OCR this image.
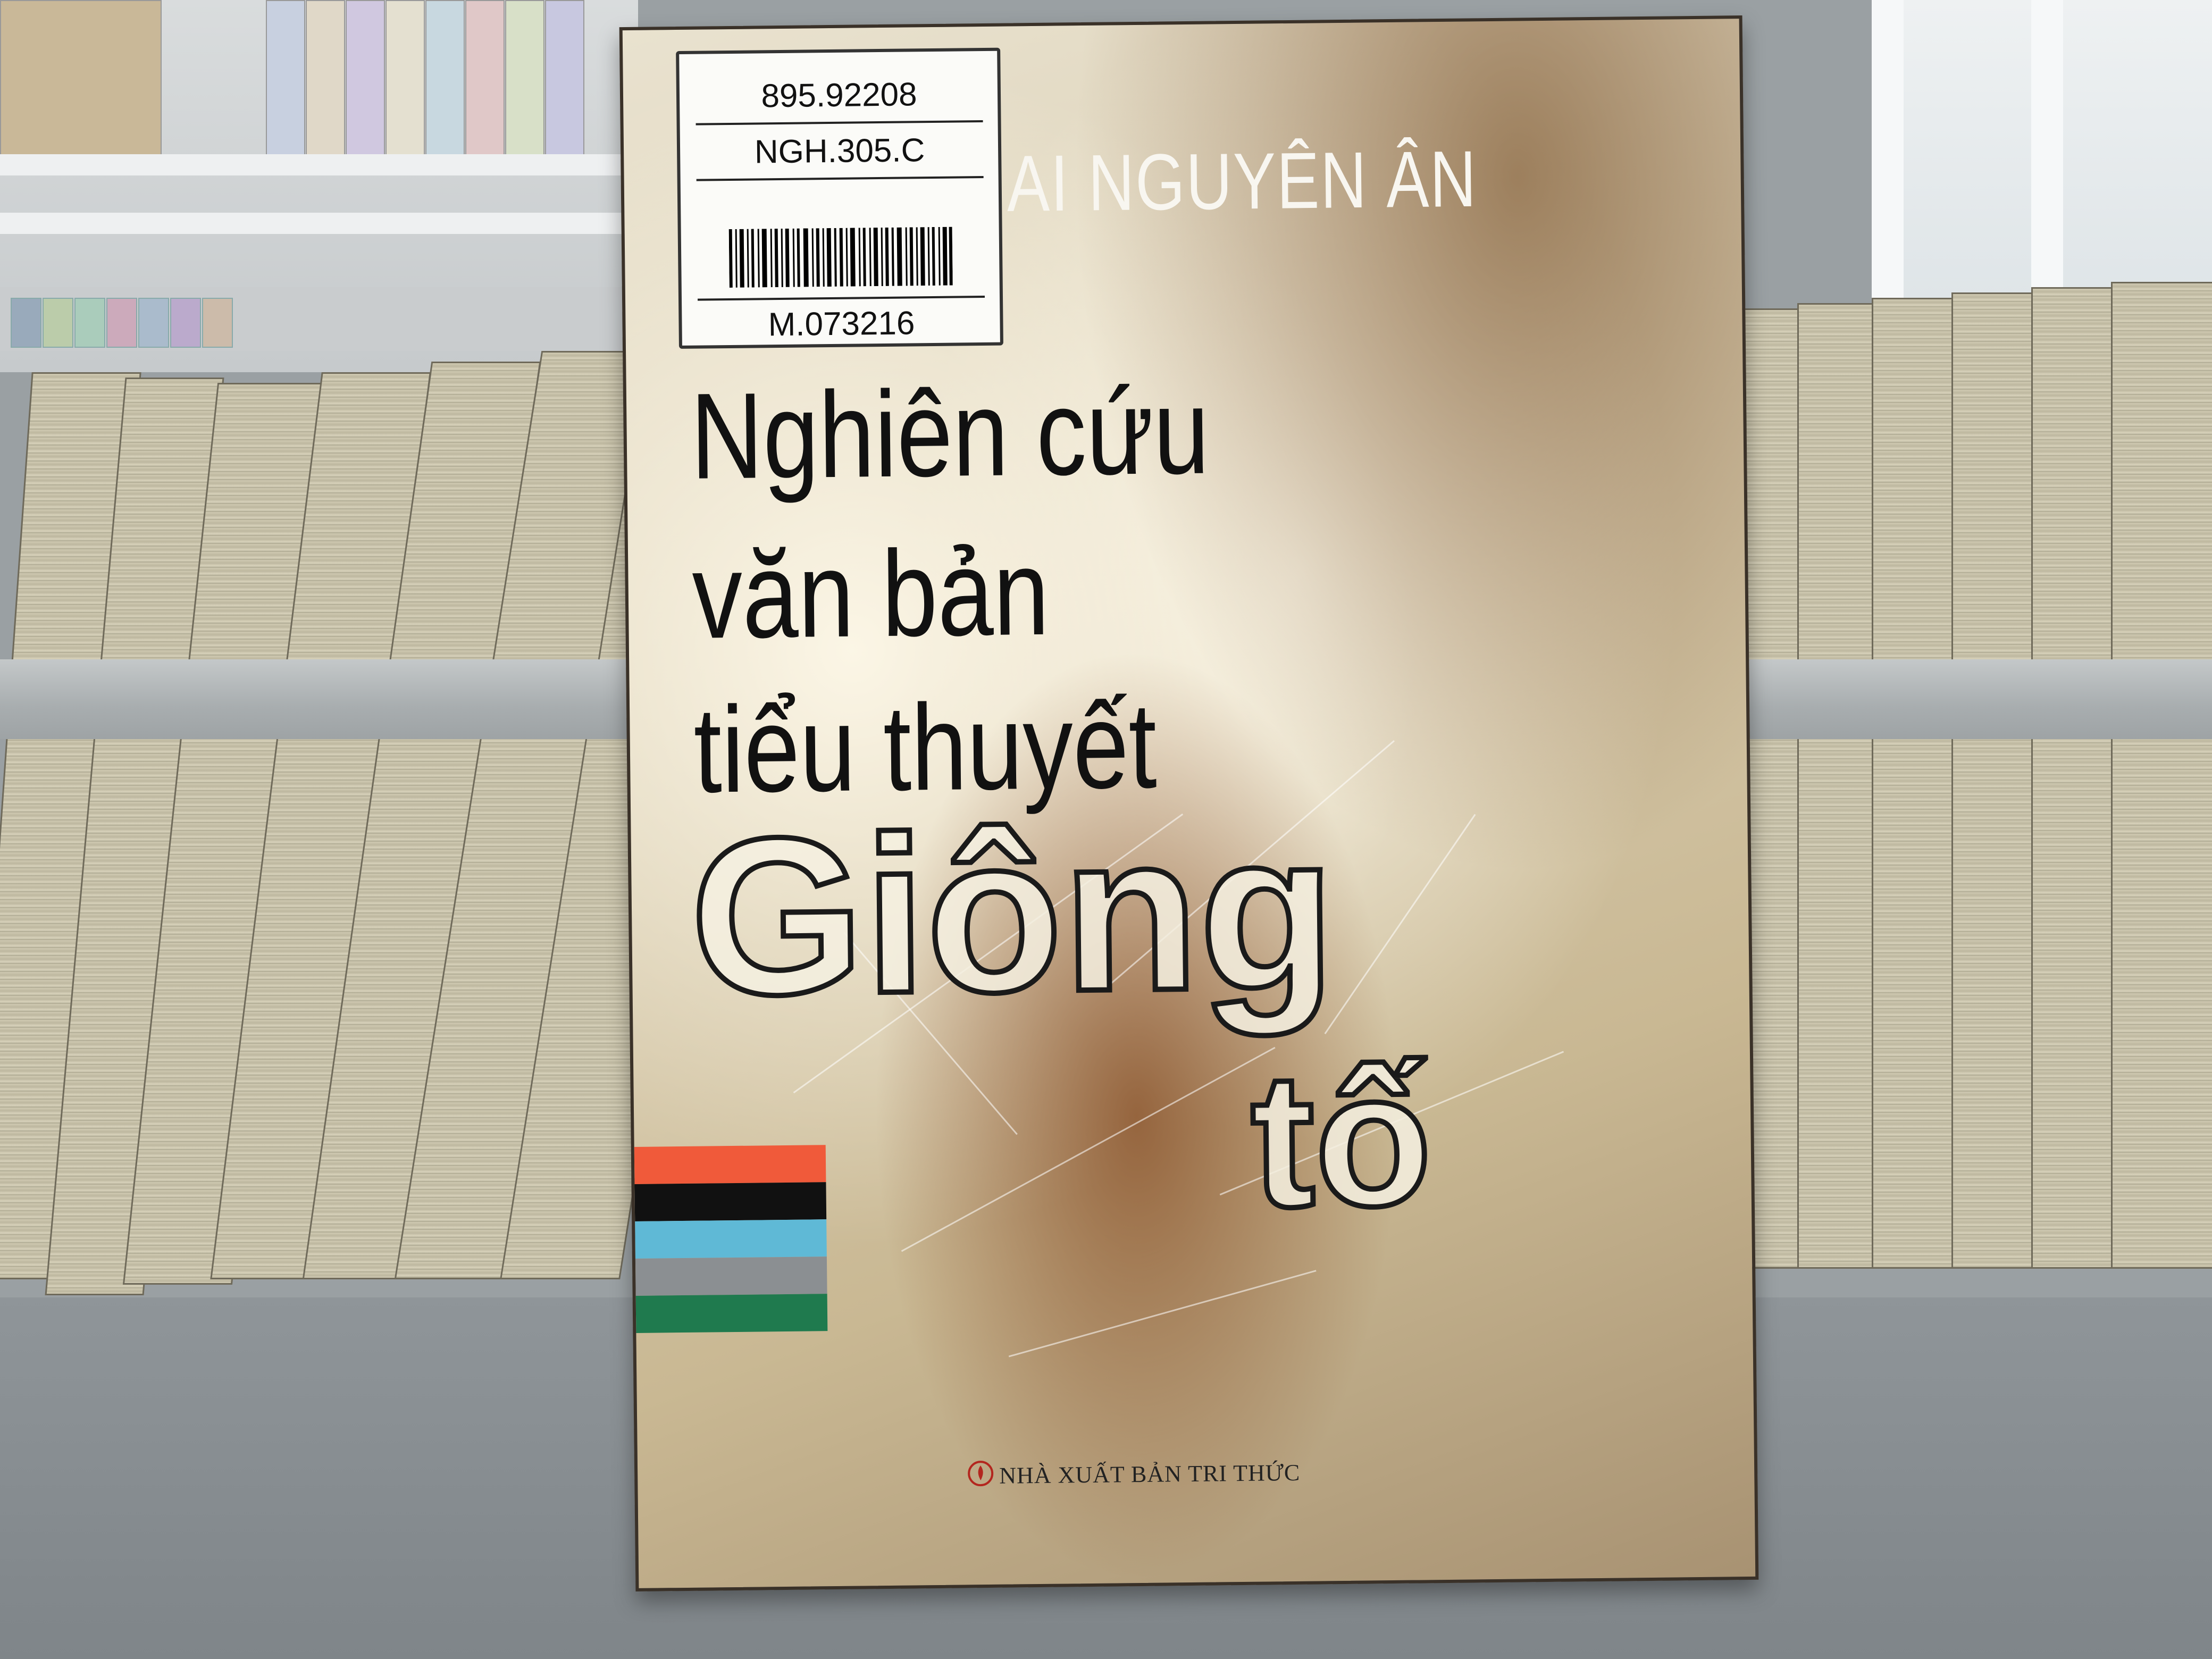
AI NGUYÊN ÂN
895.92208
NGH.305.C
M.073216
Nghiên cứu
văn bản
tiểu thuyết
Giông
tố
NHÀ XUẤT BẢN TRI THỨC
